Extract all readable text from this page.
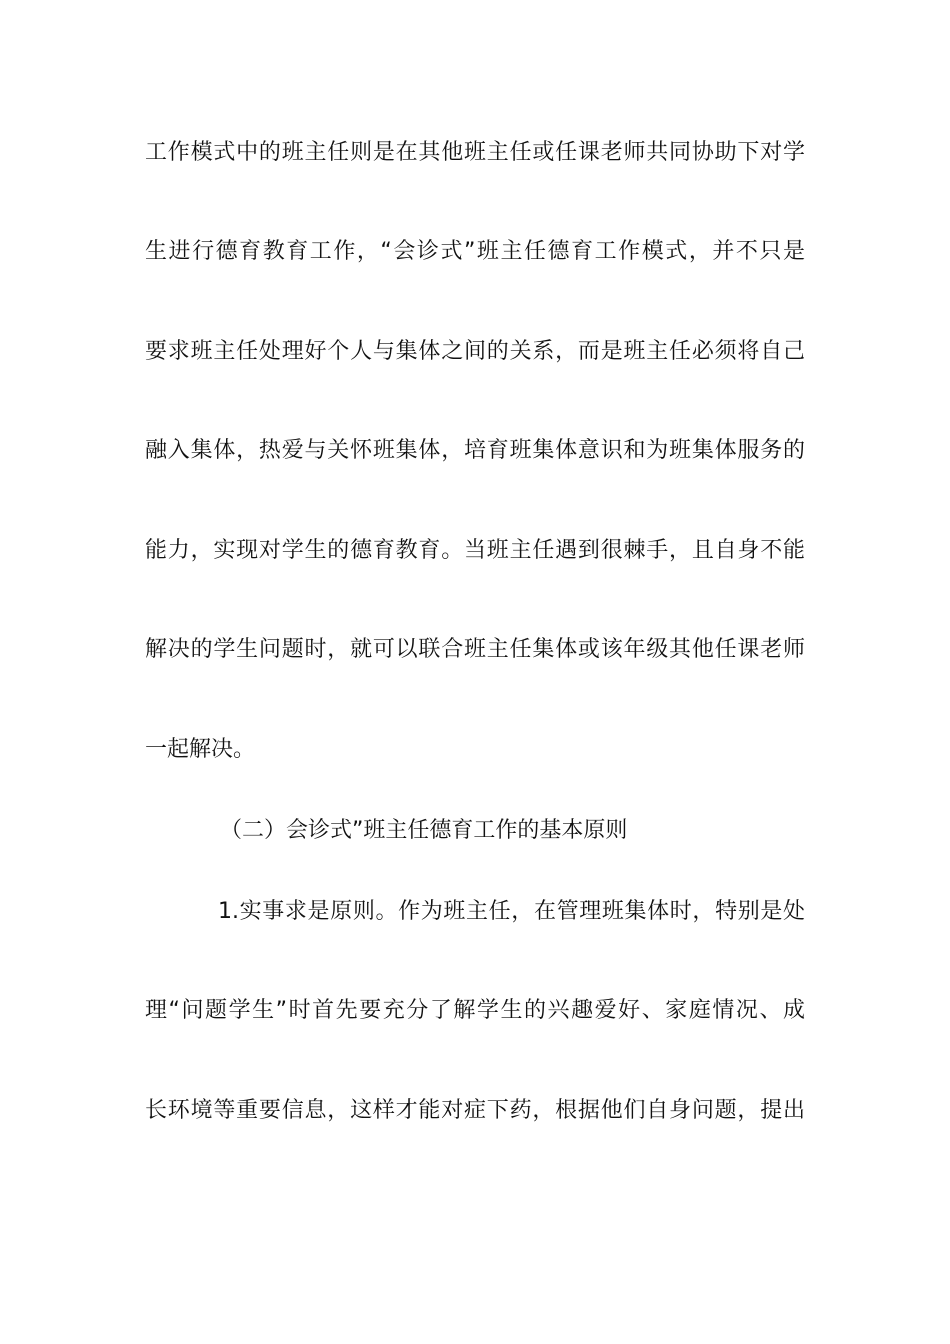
工作模式中的班主任则是在其他班主任或任课老师共同协助下对学
生进行德育教育工作，“会诊式”班主任德育工作模式，并不只是
要求班主任处理好个人与集体之间的关系，而是班主任必须将自己
融入集体，热爱与关怀班集体，培育班集体意识和为班集体服务的
能力，实现对学生的德育教育。当班主任遇到很棘手，且自身不能
解决的学生问题时，就可以联合班主任集体或该年级其他任课老师
一起解决。
（二）会诊式”班主任德育工作的基本原则
1.实事求是原则。作为班主任，在管理班集体时，特别是处
理“问题学生”时首先要充分了解学生的兴趣爱好、家庭情况、成
长环境等重要信息，这样才能对症下药，根据他们自身问题，提出
